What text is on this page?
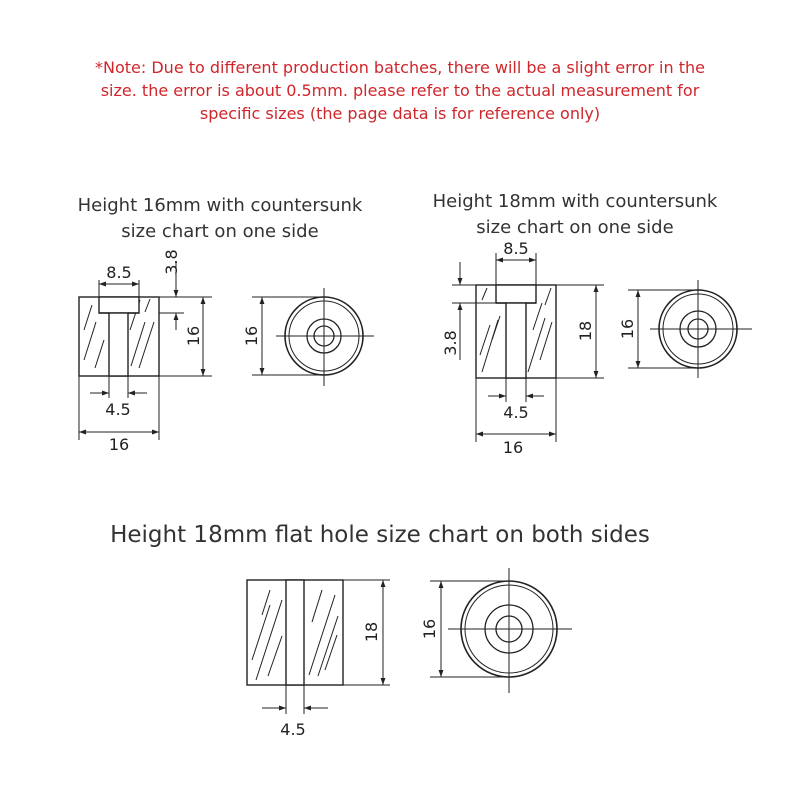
*Note: Due to different production batches, there will be a slight error in the
size. the error is about 0.5mm. please refer to the actual measurement for
specific sizes (the page data is for reference only)
Height 16mm with countersunk
size chart on one side
Height 18mm with countersunk
size chart on one side
Height 18mm flat hole size chart on both sides
8.5 3.8
16
4.5
16
16
8.5
3.8	18
4.5
16
16
18
4.5
16
